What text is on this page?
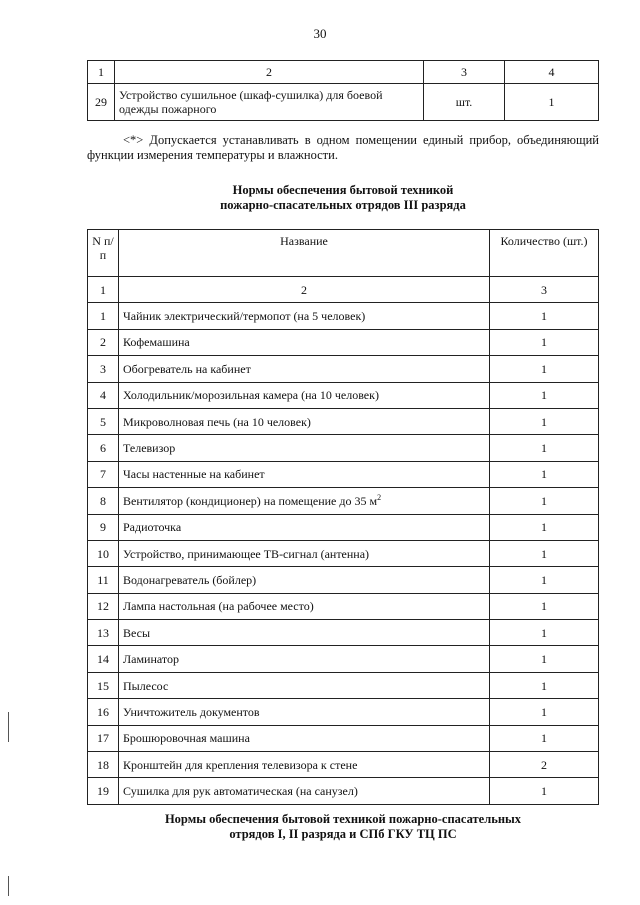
30
1	2	3	4
29	Устройство сушильное (шкаф-сушилка) для боевой одежды пожарного	шт.	1
<*> Допускается устанавливать в одном помещении единый прибор, объединяющий функции измерения температуры и влажности.
Нормы обеспечения бытовой техникой
пожарно-спасательных отрядов III разряда
N п/п	Название	Количество (шт.)
1	2	3
1	Чайник электрический/термопот (на 5 человек)	1
2	Кофемашина	1
3	Обогреватель на кабинет	1
4	Холодильник/морозильная камера (на 10 человек)	1
5	Микроволновая печь (на 10 человек)	1
6	Телевизор	1
7	Часы настенные на кабинет	1
8	Вентилятор (кондиционер) на помещение до 35 $м^2$	1
9	Радиоточка	1
10	Устройство, принимающее ТВ-сигнал (антенна)	1
11	Водонагреватель (бойлер)	1
12	Лампа настольная (на рабочее место)	1
13	Весы	1
14	Ламинатор	1
15	Пылесос	1
16	Уничтожитель документов	1
17	Брошюровочная машина	1
18	Кронштейн для крепления телевизора к стене	2
19	Сушилка для рук автоматическая (на санузел)	1
Нормы обеспечения бытовой техникой пожарно-спасательных
отрядов I, II разряда и СПб ГКУ ТЦ ПС
